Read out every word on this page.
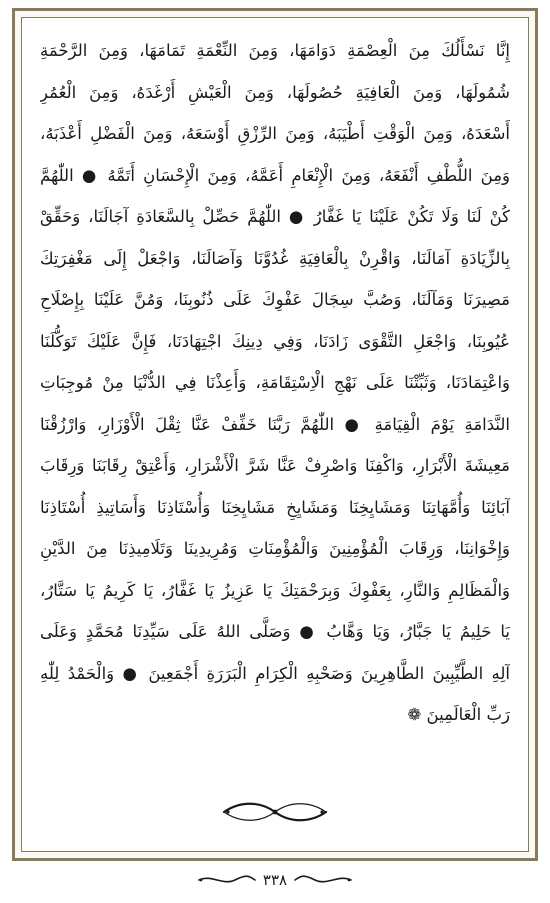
إِنَّا نَسْأَلُكَ مِنَ الْعِصْمَةِ دَوَامَهَا، وَمِنَ النِّعْمَةِ تَمَامَهَا، وَمِنَ الرَّحْمَةِ
شُمُولَهَا، وَمِنَ الْعَافِيَةِ حُصُولَهَا، وَمِنَ الْعَيْشِ أَرْغَدَهُ، وَمِنَ الْعُمُرِ
أَسْعَدَهُ، وَمِنَ الْوَقْتِ أَطْيَبَهُ، وَمِنَ الرِّزْقِ أَوْسَعَهُ، وَمِنَ الْفَضْلِ أَعْذَبَهُ،
وَمِنَ اللُّطْفِ أَنْفَعَهُ، وَمِنَ الْإِنْعَامِ أَعَمَّهُ، وَمِنَ الْإِحْسَانِ أَتَمَّهُ ● اللّٰهُمَّ
كُنْ لَنَا وَلَا تَكُنْ عَلَيْنَا يَا غَفَّارُ ● اللّٰهُمَّ حَصِّلْ بِالسَّعَادَةِ آجَالَنَا، وَحَقِّقْ
بِالزِّيَادَةِ آمَالَنَا، وَاقْرِنْ بِالْعَافِيَةِ غُدُوَّنَا وَآصَالَنَا، وَاجْعَلْ إِلَى مَغْفِرَتِكَ
مَصِيرَنَا وَمَآلَنَا، وَصُبَّ سِجَالَ عَفْوِكَ عَلَى ذُنُوبِنَا، وَمُنَّ عَلَيْنَا بِإِصْلَاحِ
عُيُوبِنَا، وَاجْعَلِ التَّقْوَى زَادَنَا، وَفِي دِينِكَ اجْتِهَادَنَا، فَإِنَّ عَلَيْكَ تَوَكُّلَنَا
وَاعْتِمَادَنَا، وَثَبِّتْنَا عَلَى نَهْجِ الْاِسْتِقَامَةِ، وَأَعِذْنَا فِي الدُّنْيَا مِنْ مُوجِبَاتِ
النَّدَامَةِ يَوْمَ الْقِيَامَةِ ● اللّٰهُمَّ رَبَّنَا خَفِّفْ عَنَّا ثِقْلَ الْأَوْزَارِ، وَارْزُقْنَا
مَعِيشَةَ الْأَبْرَارِ، وَاكْفِنَا وَاصْرِفْ عَنَّا شَرَّ الْأَشْرَارِ، وَأَعْتِقْ رِقَابَنَا وَرِقَابَ
آبَائِنَا وَأُمَّهَاتِنَا وَمَشَايِخِنَا وَمَشَايِخِ مَشَايِخِنَا وَأُسْتَاذِنَا وَأَسَاتِيذِ أُسْتَاذِنَا
وَإِخْوَانِنَا، وَرِقَابَ الْمُؤْمِنِينَ وَالْمُؤْمِنَاتِ وَمُرِيدِينَا وَتَلَامِيذِنَا مِنَ الدَّيْنِ
وَالْمَظَالِمِ وَالنَّارِ، بِعَفْوِكَ وَبِرَحْمَتِكَ يَا عَزِيزُ يَا غَفَّارُ، يَا كَرِيمُ يَا سَتَّارُ،
يَا حَلِيمُ يَا جَبَّارُ، وَيَا وَهَّابُ ● وَصَلَّى اللهُ عَلَى سَيِّدِنَا مُحَمَّدٍ وَعَلَى
آلِهِ الطَّيِّبِينَ الطَّاهِرِينَ وَصَحْبِهِ الْكِرَامِ الْبَرَرَةِ أَجْمَعِينَ ● وَالْحَمْدُ لِلّٰهِ
رَبِّ الْعَالَمِينَ ❁
٣٣٨
